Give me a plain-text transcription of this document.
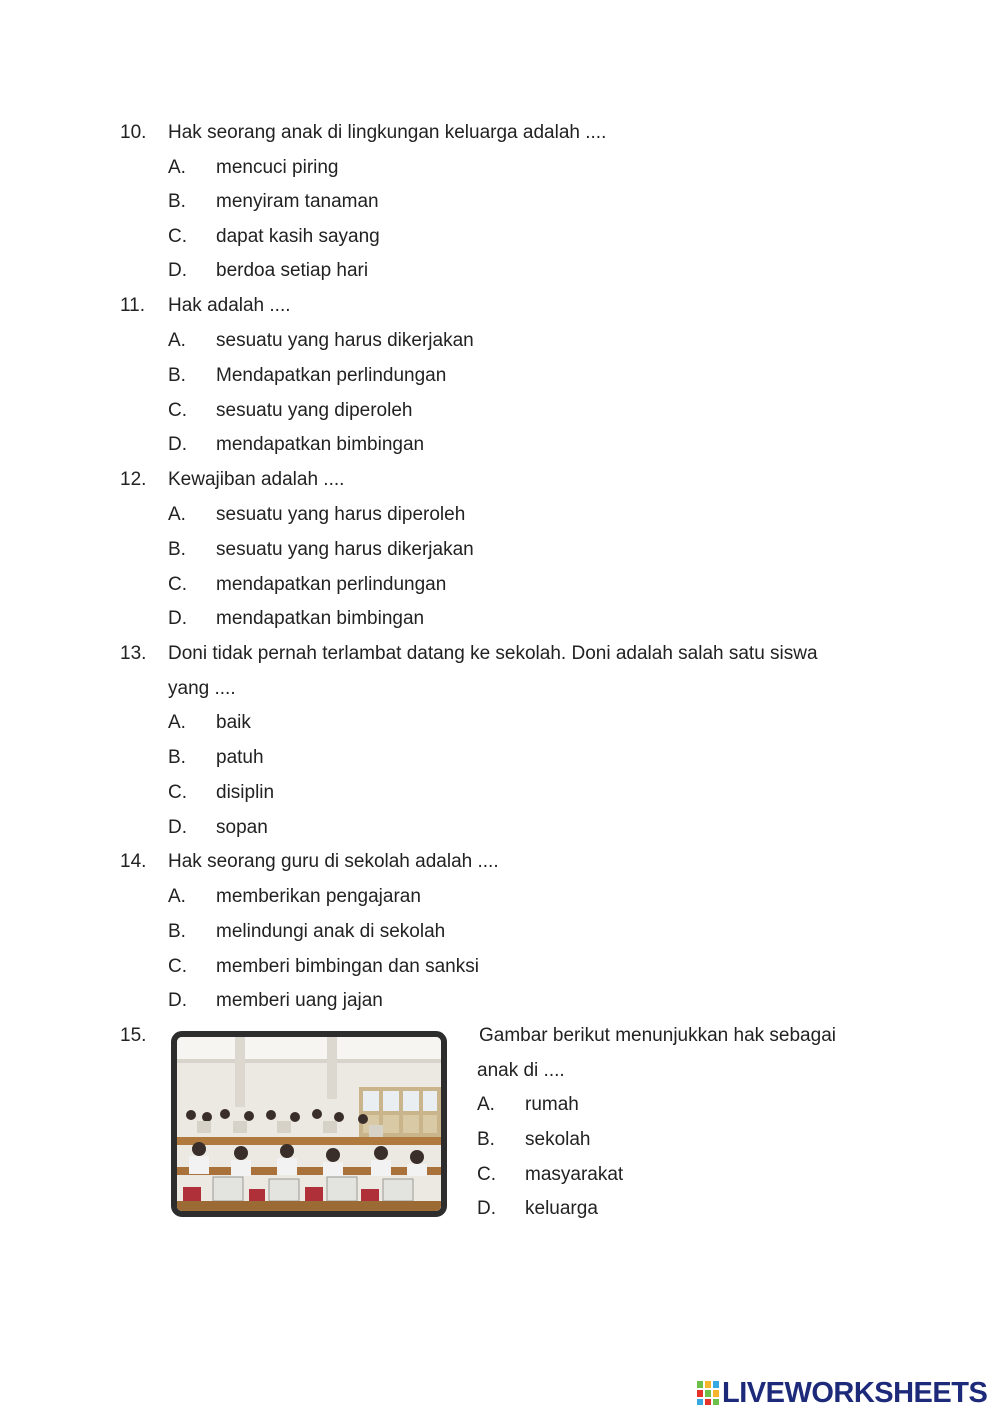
10.	Hak seorang anak di lingkungan keluarga adalah ....
A.	mencuci piring
B.	menyiram tanaman
C.	dapat kasih sayang
D.	berdoa setiap hari
11.	Hak adalah ....
A.	sesuatu yang harus dikerjakan
B.	Mendapatkan perlindungan
C.	sesuatu yang diperoleh
D.	mendapatkan bimbingan
12.	Kewajiban adalah ....
A.	sesuatu yang harus diperoleh
B.	sesuatu yang harus dikerjakan
C.	mendapatkan perlindungan
D.	mendapatkan bimbingan
13.	Doni tidak pernah terlambat datang ke sekolah. Doni adalah salah satu siswa
yang ....
A.	baik
B.	patuh
C.	disiplin
D.	sopan
14.	Hak seorang guru di sekolah adalah ....
A.	memberikan pengajaran
B.	melindungi anak di sekolah
C.	memberi bimbingan dan sanksi
D.	memberi uang jajan
15.	Gambar berikut menunjukkan hak sebagai
anak di ....
A.	rumah
B.	sekolah
C.	masyarakat
D.	keluarga
LIVEWORKSHEETS
